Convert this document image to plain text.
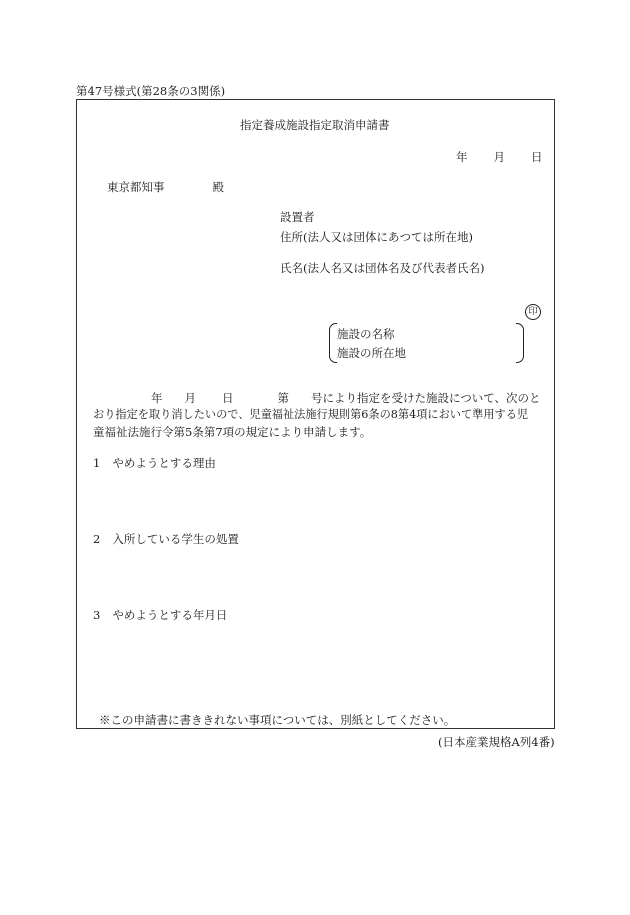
第47号様式(第28条の3関係)
指定養成施設指定取消申請書
年 月 日
東京都知事	殿
設置者
住所(法人又は団体にあつては所在地)
氏名(法人名又は団体名及び代表者氏名)
印
施設の名称
施設の所在地
年 月 日	第 号により指定を受けた施設について、次のと
おり指定を取り消したいので、児童福祉法施行規則第6条の8第4項において準用する児
童福祉法施行令第5条第7項の規定により申請します。
1 やめようとする理由
2 入所している学生の処置
3 やめようとする年月日
※この申請書に書ききれない事項については、別紙としてください。
(日本産業規格A列4番)
